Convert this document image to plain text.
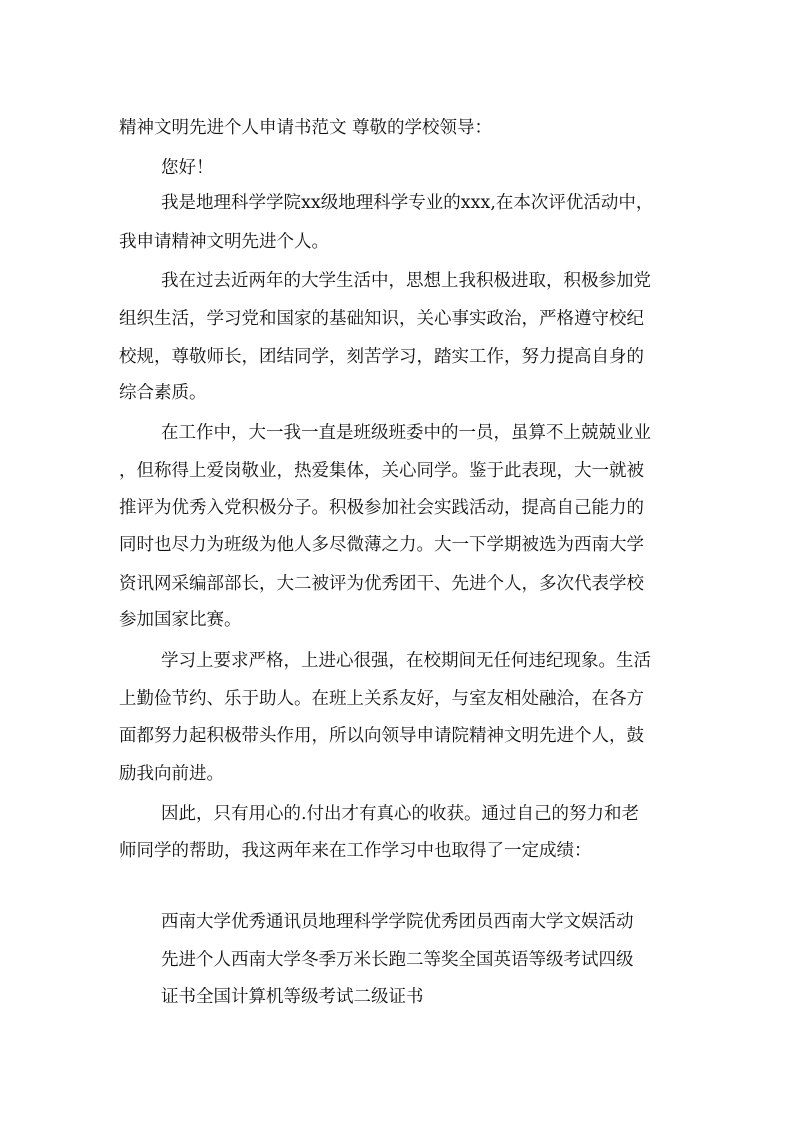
精神文明先进个人申请书范文 尊敬的学校领导：
您好！
我是地理科学学院xx级地理科学专业的xxx,在本次评优活动中，
我申请精神文明先进个人。
我在过去近两年的大学生活中，思想上我积极进取，积极参加党
组织生活，学习党和国家的基础知识，关心事实政治，严格遵守校纪
校规，尊敬师长，团结同学，刻苦学习，踏实工作，努力提高自身的
综合素质。
在工作中，大一我一直是班级班委中的一员，虽算不上兢兢业业
，但称得上爱岗敬业，热爱集体，关心同学。鉴于此表现，大一就被
推评为优秀入党积极分子。积极参加社会实践活动，提高自己能力的
同时也尽力为班级为他人多尽微薄之力。大一下学期被选为西南大学
资讯网采编部部长，大二被评为优秀团干、先进个人，多次代表学校
参加国家比赛。
学习上要求严格，上进心很强，在校期间无任何违纪现象。生活
上勤俭节约、乐于助人。在班上关系友好，与室友相处融洽，在各方
面都努力起积极带头作用，所以向领导申请院精神文明先进个人，鼓
励我向前进。
因此，只有用心的.付出才有真心的收获。通过自己的努力和老
师同学的帮助，我这两年来在工作学习中也取得了一定成绩：
西南大学优秀通讯员地理科学学院优秀团员西南大学文娱活动
先进个人西南大学冬季万米长跑二等奖全国英语等级考试四级
证书全国计算机等级考试二级证书
